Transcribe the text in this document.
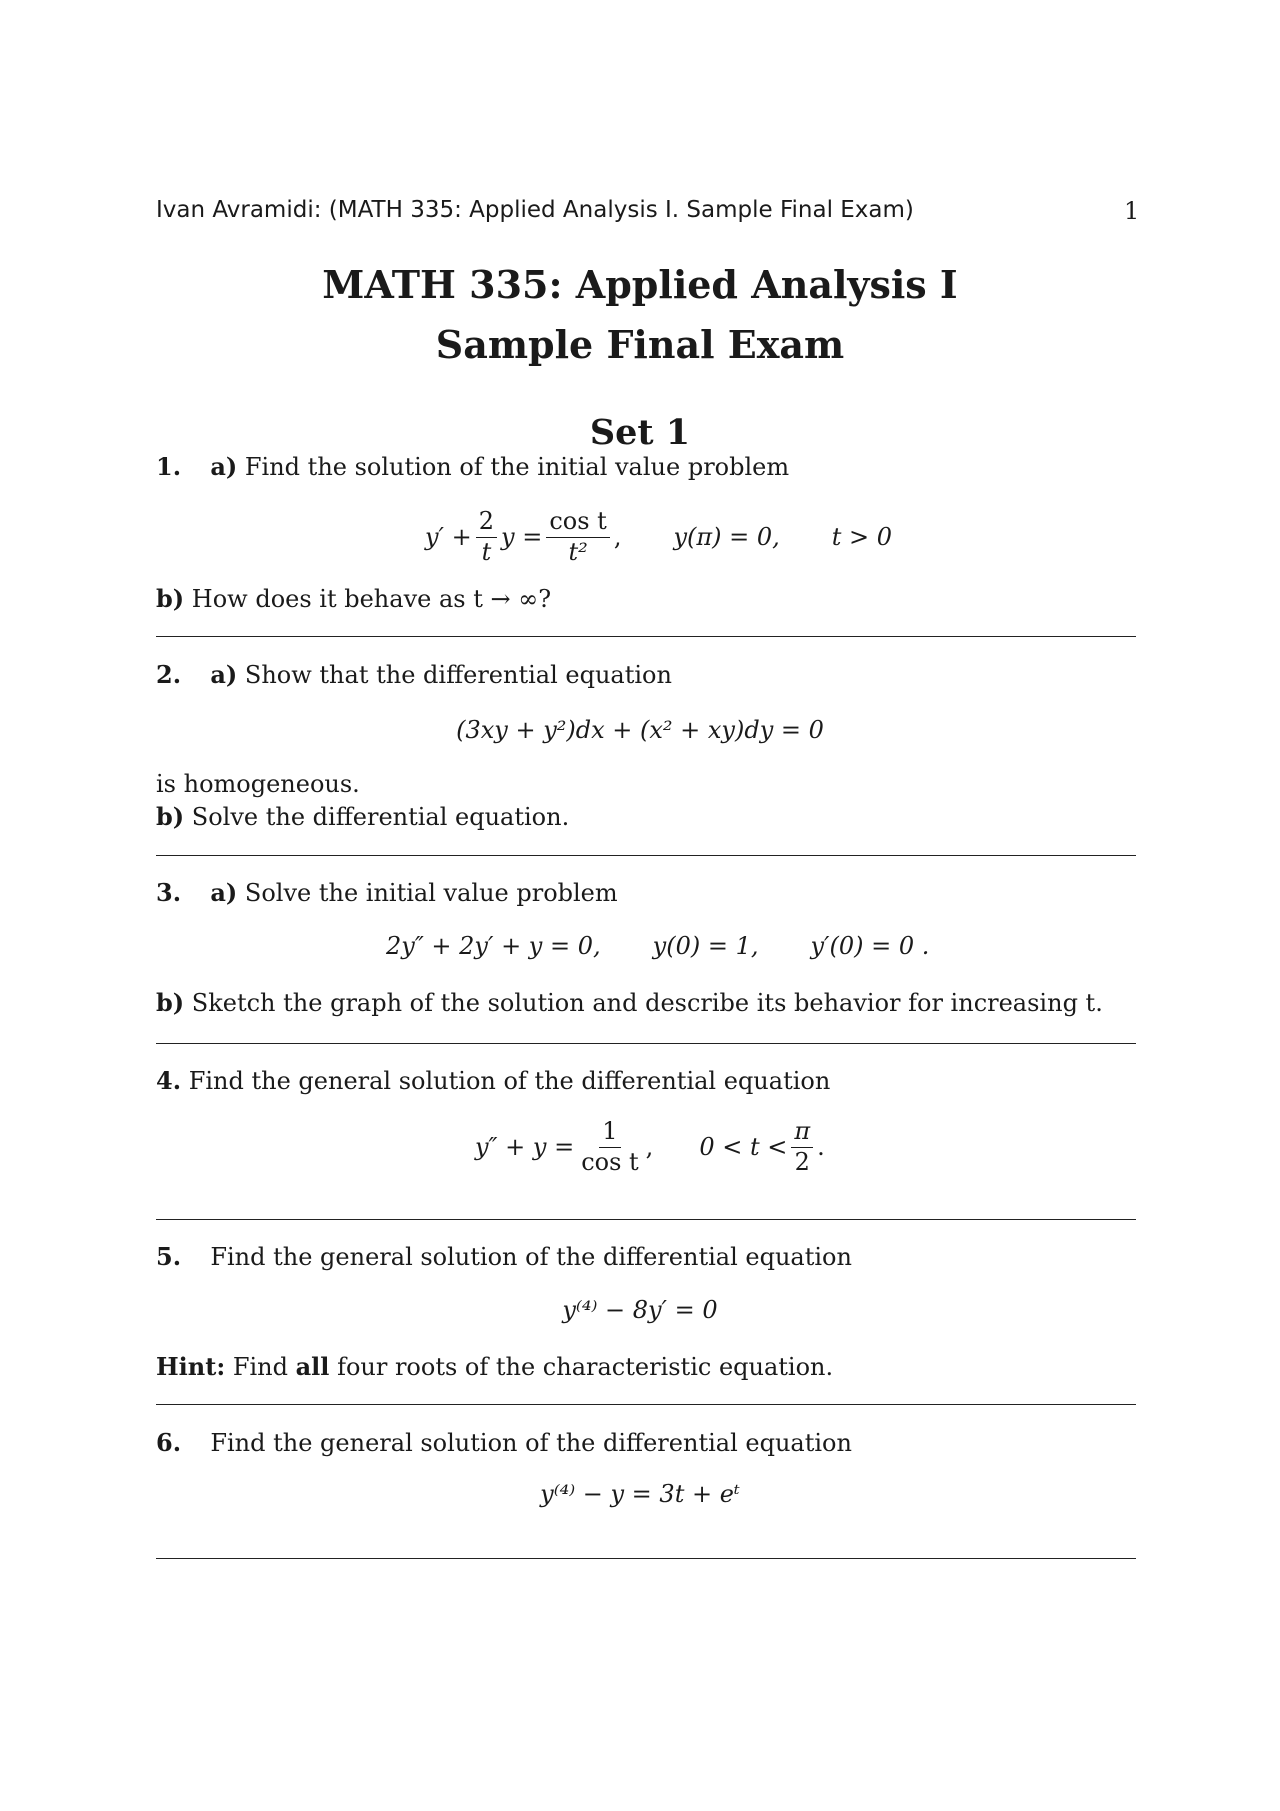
Ivan Avramidi: (MATH 335: Applied Analysis I. Sample Final Exam)	1
MATH 335: Applied Analysis I
Sample Final Exam
Set 1
1. a) Find the solution of the initial value problem
$y' + \frac{2}{t}$ $y = \frac{\text{cos t}}{\text{t²}}$ , y(π) = 0, t > 0
b) How does it behave as t → ∞?
2. a) Show that the differential equation
(3xy + y²)dx + (x² + xy)dy = 0
is homogeneous.
b) Solve the differential equation.
3. a) Solve the initial value problem
2y″ + 2y′ + y = 0, y(0) = 1, y′(0) = 0 .
b) Sketch the graph of the solution and describe its behavior for increasing t.
4. Find the general solution of the differential equation
$y'' + y = \frac{1}{\text{cos t}}$ , $0 < t < \frac{\pi}{2}$ .
5. Find the general solution of the differential equation
y⁽⁴⁾ − 8y′ = 0
Hint: Find all four roots of the characteristic equation.
6. Find the general solution of the differential equation
y⁽⁴⁾ − y = 3t + eᵗ
